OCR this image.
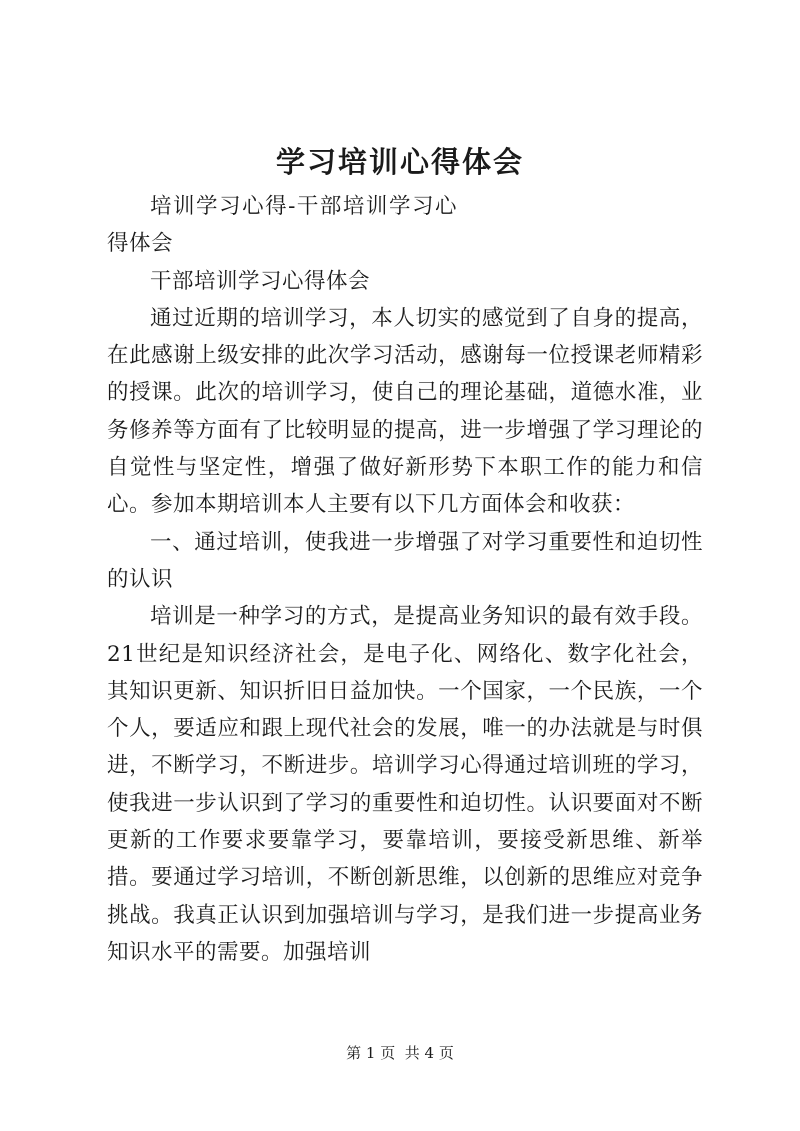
学习培训心得体会

培训学习心得-干部培训学习心得体会

干部培训学习心得体会

通过近期的培训学习，本人切实的感觉到了自身的提高，在此感谢上级安排的此次学习活动，感谢每一位授课老师精彩的授课。此次的培训学习，使自己的理论基础，道德水准，业务修养等方面有了比较明显的提高，进一步增强了学习理论的自觉性与坚定性，增强了做好新形势下本职工作的能力和信心。参加本期培训本人主要有以下几方面体会和收获：

一、通过培训，使我进一步增强了对学习重要性和迫切性的认识

培训是一种学习的方式，是提高业务知识的最有效手段。21世纪是知识经济社会，是电子化、网络化、数字化社会，其知识更新、知识折旧日益加快。一个国家，一个民族，一个个人，要适应和跟上现代社会的发展，唯一的办法就是与时俱进，不断学习，不断进步。培训学习心得通过培训班的学习，使我进一步认识到了学习的重要性和迫切性。认识要面对不断更新的工作要求要靠学习，要靠培训，要接受新思维、新举措。要通过学习培训，不断创新思维，以创新的思维应对竞争挑战。我真正认识到加强培训与学习，是我们进一步提高业务知识水平的需要。加强培训

第 1 页  共 4 页
